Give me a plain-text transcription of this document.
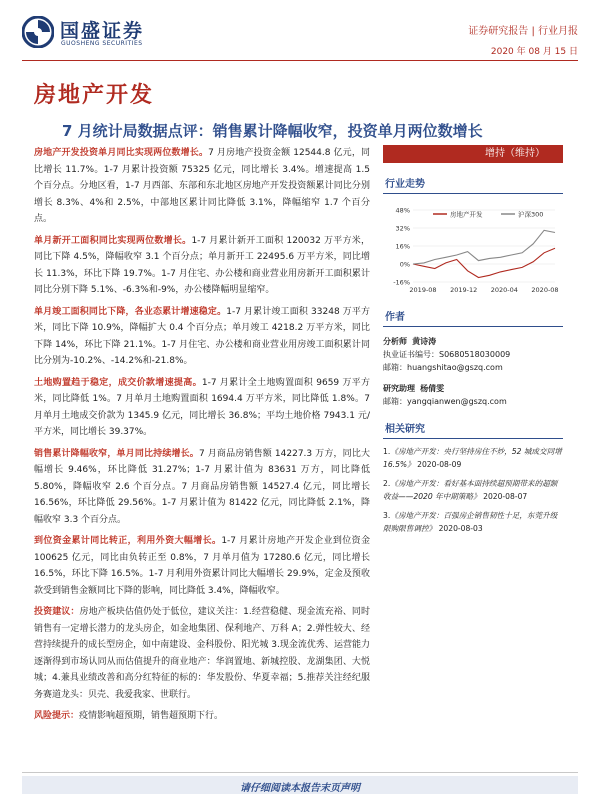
国盛证券
GUOSHENG SECURITIES
证券研究报告 | 行业月报
2020 年 08 月 15 日
房地产开发
7 月统计局数据点评：销售累计降幅收窄，投资单月两位数增长

房地产开发投资单月同比实现两位数增长。7 月房地产投资金额 12544.8 亿元，同比增长 11.7%。1-7 月累计投资额 75325 亿元，同比增长 3.4%。增速提高 1.5 个百分点。分地区看，1-7 月西部、东部和东北地区房地产开发投资额累计同比分别增长 8.3%、4%和 2.5%，中部地区累计同比降低 3.1%，降幅缩窄 1.7 个百分点。

单月新开工面积同比实现两位数增长。1-7 月累计新开工面积 120032 万平方米，同比下降 4.5%，降幅收窄 3.1 个百分点；单月新开工 22495.6 万平方米，同比增长 11.3%，环比下降 19.7%。1-7 月住宅、办公楼和商业营业用房新开工面积累计同比分别下降 5.1%、-6.3%和-9%，办公楼降幅明显缩窄。

单月竣工面积同比下降，各业态累计增速稳定。1-7 月累计竣工面积 33248 万平方米，同比下降 10.9%，降幅扩大 0.4 个百分点；单月竣工 4218.2 万平方米，同比下降 14%，环比下降 21.1%。1-7 月住宅、办公楼和商业营业用房竣工面积累计同比分别为-10.2%、-14.2%和-21.8%。

土地购置趋于稳定，成交价款增速提高。1-7 月累计全土地购置面积 9659 万平方米，同比降低 1%。7 月单月土地购置面积 1694.4 万平方米，同比降低 1.8%。7 月单月土地成交价款为 1345.9 亿元，同比增长 36.8%；平均土地价格 7943.1 元/平方米，同比增长 39.37%。

销售累计降幅收窄，单月同比持续增长。7 月商品房销售额 14227.3 万方，同比大幅增长 9.46%，环比降低 31.27%；1-7 月累计值为 83631 万方，同比降低 5.80%，降幅收窄 2.6 个百分点。7 月商品房销售额 14527.4 亿元，同比增长 16.56%，环比降低 29.56%。1-7 月累计值为 81422 亿元，同比降低 2.1%，降幅收窄 3.3 个百分点。

到位资金累计同比转正，利用外资大幅增长。1-7 月累计房地产开发企业到位资金 100625 亿元，同比由负转正至 0.8%，7 月单月值为 17280.6 亿元，同比增长 16.5%，环比下降 16.5%。1-7 月利用外资累计同比大幅增长 29.9%，定金及预收款受到销售金额同比下降的影响，同比降低 3.4%，降幅收窄。

投资建议：房地产板块估值仍处于低位，建议关注：1.经营稳健、现金流充裕、同时销售有一定增长潜力的龙头房企，如金地集团、保利地产、万科 A；2.弹性较大、经营持续提升的成长型房企，如中南建设、金科股份、阳光城 3.现金流优秀、运营能力逐渐得到市场认同从而估值提升的商业地产：华润置地、新城控股、龙湖集团、大悦城；4.兼具业绩改善和高分红特征的标的：华发股份、华夏幸福；5.推荐关注经纪服务赛道龙头：贝壳、我爱我家、世联行。

风险提示：疫情影响超预期，销售超预期下行。

增持（维持）
行业走势
48%
32%
16%
0%
-16%
房地产开发	沪深300
2019-08 2019-12 2020-04 2020-08
作者
分析师 黄诗涛
执业证书编号：S0680518030009
邮箱：huangshitao@gszq.com
研究助理 杨倩雯
邮箱：yangqianwen@gszq.com
相关研究
1.《房地产开发：央行坚持房住不炒，52 城成交同增 16.5%》 2020-08-09
2.《房地产开发：看好基本面持续超预期带来的超额收益——2020 年中期策略》 2020-08-07
3.《房地产开发：百强房企销售韧性十足，东莞升级限购限售调控》 2020-08-03
请仔细阅读本报告末页声明
